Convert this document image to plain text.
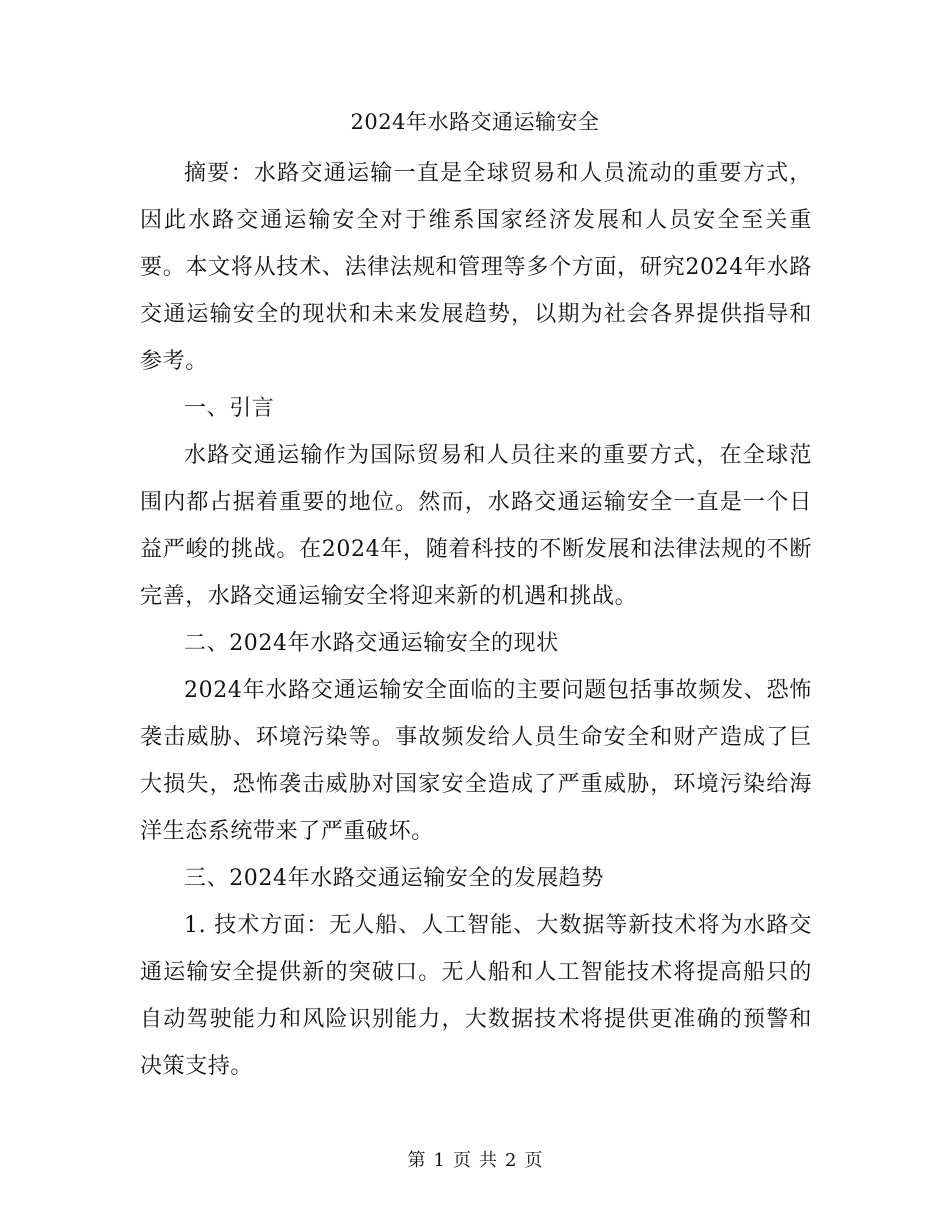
2024年水路交通运输安全

摘要：水路交通运输一直是全球贸易和人员流动的重要方式，因此水路交通运输安全对于维系国家经济发展和人员安全至关重要。本文将从技术、法律法规和管理等多个方面，研究2024年水路交通运输安全的现状和未来发展趋势，以期为社会各界提供指导和参考。

一、引言

水路交通运输作为国际贸易和人员往来的重要方式，在全球范围内都占据着重要的地位。然而，水路交通运输安全一直是一个日益严峻的挑战。在2024年，随着科技的不断发展和法律法规的不断完善，水路交通运输安全将迎来新的机遇和挑战。

二、2024年水路交通运输安全的现状

2024年水路交通运输安全面临的主要问题包括事故频发、恐怖袭击威胁、环境污染等。事故频发给人员生命安全和财产造成了巨大损失，恐怖袭击威胁对国家安全造成了严重威胁，环境污染给海洋生态系统带来了严重破坏。

三、2024年水路交通运输安全的发展趋势

1. 技术方面：无人船、人工智能、大数据等新技术将为水路交通运输安全提供新的突破口。无人船和人工智能技术将提高船只的自动驾驶能力和风险识别能力，大数据技术将提供更准确的预警和决策支持。

第 1 页 共 2 页
